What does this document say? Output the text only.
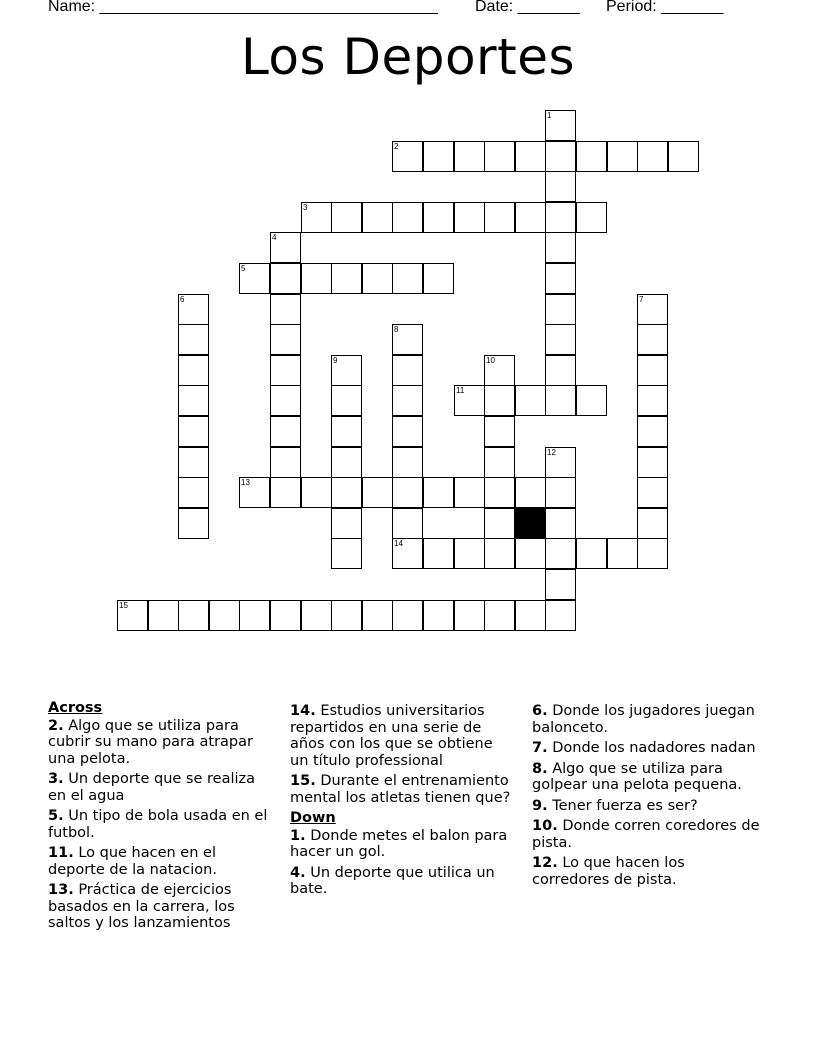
Name: ______________________________________ Date: _______ Period: _______
Los Deportes
1
2
3
4
5
6	7
8
14
9	10
11
12
13
15
Across
2. Algo que se utiliza para cubrir su mano para atrapar una pelota.
3. Un deporte que se realiza en el agua
5. Un tipo de bola usada en el futbol.
11. Lo que hacen en el deporte de la natacion.
13. Práctica de ejercicios basados en la carrera, los saltos y los lanzamientos
14. Estudios universitarios repartidos en una serie de años con los que se obtiene un título professional
15. Durante el entrenamiento mental los atletas tienen que?
Down
1. Donde metes el balon para hacer un gol.
4. Un deporte que utilica un bate.
6. Donde los jugadores juegan balonceto.
7. Donde los nadadores nadan
8. Algo que se utiliza para golpear una pelota pequena.
9. Tener fuerza es ser?
10. Donde corren coredores de pista.
12. Lo que hacen los corredores de pista.
